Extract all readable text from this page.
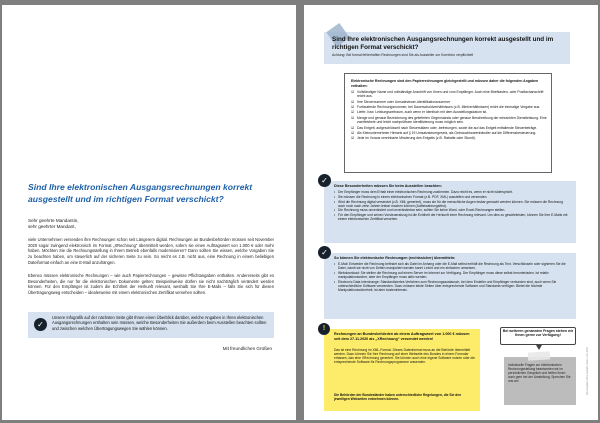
Sind Ihre elektronischen Ausgangsrechnungen korrekt ausgestellt und im richtigen Format verschickt?
Sehr geehrte Mandantin,
sehr geehrter Mandant,

viele Unternehmen versenden ihre Rechnungen schon seit Längerem digital. Rechnungen an Bundesbehörden müssen seit November 2020 sogar zwingend elektronisch im Format „XRechnung“ übermittelt werden, sofern sie einen Auftragswert von 1.000 € oder mehr haben. Möchten Sie die Rechnungsstellung in Ihrem Betrieb ebenfalls modernisieren? Dann sollten Sie wissen, welche Vorgaben Sie zu beachten haben, um steuerlich auf der sicheren Seite zu sein. So reicht es z.B. nicht aus, eine Rechnung in einem beliebigen Dateiformat einfach an eine E-Mail anzuhängen.

Ebenso müssen elektronische Rechnungen – wie auch Papierrechnungen – gewisse Pflichtangaben enthalten. Andererseits gibt es Besonderheiten, die nur für die elektronischen Dokumente gelten: Beispielsweise dürfen sie nicht nachträglich verändert werden können. Für den Empfänger ist zudem die Echtheit der Herkunft relevant, weshalb Sie Ihre E-Mails – falls Sie sich für diesen Übertragungsweg entscheiden – idealerweise mit einem elektronischen Zertifikat versehen sollten.

✓
Unsere Infografik auf der nächsten Seite gibt Ihnen einen Überblick darüber, welche Angaben in Ihren elektronischen Ausgangsrechnungen enthalten sein müssen, welche Besonderheiten Sie außerdem beim Ausstellen beachten sollten und zwischen welchen Übertragungswegen Sie wählen können.
Mit freundlichen Grüßen
Sind Ihre elektronischen Ausgangsrechnungen korrekt ausgestellt und im richtigen Format verschickt?
Achtung: Bei formal fehlerhaften Rechnungen sind Sie als Aussteller zur Korrektur verpflichtet!
Elektronische Rechnungen sind den Papierrechnungen gleichgestellt und müssen daher die folgenden Angaben enthalten:
☑ Vollständiger Name und vollständige Anschrift von Ihnen und vom Empfänger. Auch eine Briefkasten- oder Postfachanschrift reicht aus.
☑ Ihre Steuernummer oder Umsatzsteuer-Identifikationsnummer
☑ Fortlaufende Rechnungsnummer, bei Dauerschuldverhältnissen (z.B. Mietverhältnissen) reicht die einmalige Vergabe aus.
☑ Liefer- bzw. Leistungszeitraum, auch wenn er identisch mit dem Ausstellungsdatum ist.
☑ Menge und genaue Bezeichnung des gelieferten Gegenstands oder genaue Beschreibung der erbrachten Dienstleistung. Eine zweifelsfreie und leicht nachprüfbare Identifizierung muss möglich sein.
☑ Das Entgelt, aufgeschlüsselt nach Steuersätzen oder -befreiungen, sowie die auf das Entgelt entfallende Steuerbeträge.
☑ Als Kleinunternehmer Hinweis auf § 19 Umsatzsteuergesetz, als Gebrauchtwarenhändler auf die Differenzbesteuerung.
☑ Jede im Voraus vereinbarte Minderung des Entgelts (z.B. Rabatte oder Skonti).
✓
Diese Besonderheiten müssen Sie beim Ausstellen beachten:
• Der Empfänger muss dem Erhalt einer elektronischen Rechnung zustimmen. Dazu reicht es, wenn er nicht widerspricht.
• Sie müssen die Rechnung in einem elektronischen Format (z.B. PDF, XML) ausstellen und versenden.
• Wird die Rechnung digital versendet (z.B. XML generiert), muss sie für die menschliche Augen lesbar gemacht werden können. Sie müssen die Rechnung auch noch nach zehn Jahren lesbar machen können (Aufbewahrungsfrist).
• Die Rechnung muss unverändert und unveränderbar sein, sollten Sie keine Word- oder Excel-Rechnungen stellen.
• Für den Empfänger und seinen Vorsteuerabzug ist die Echtheit der Herkunft einer Rechnung relevant. Um dies zu gewährleisten, können Sie Ihre E-Mails mit einem elektronischen Zertifikat versehen.
✓
So können Sie elektronische Rechnungen (rechtssicher) übermitteln:
• E-Mail: Entweder die Rechnung befindet sich als Datei im Anhang oder die E-Mail selbst enthält die Rechnung als Text. Verschlüsseln oder signieren Sie die Datei, damit sie nicht von Dritten manipuliert werden kann! Leicht und ein einfachen umsetzen.
• Webdownload: Sie stellen die Rechnung auf einem Server im Internet zur Verfügung. Der Empfänger muss diese selbst herunterladen. Ist relativ manipulationssicher, aber der Empfänger muss aktiv werden.
• Electronic Data Interchange: Standardisiertes Verfahren zum Rechnungsaustausch, bei dem Ersteller und Empfänger verbunden sind, auch wenn Sie unterschiedliche Software verwenden. Dazu müssen beide Seiten über entsprechende Software und Standards verfügen. Bietet die höchste Manipulationssicherheit, ist aber kostenintensiv.
!
Rechnungen an Bundesbehörden ab einem Auftragswert von 1.000 € müssen seit dem 27.11.2020 als „XRechnung“ versendet werden!
Das ist eine Rechnung im XML-Format. Dieses Datenformat muss an die Behörde übermittelt werden. Dazu können Sie Ihre Rechnung auf einer Webseite des Bundes in einem Formular erfassen, das eine XRechnung generiert. Sie können auch eine eigene Software nutzen oder die entsprechende Software für Rechnungsprogramme anwenden.
Die Behörden der Bundesländer haben unterschiedliche Regelungen, die Sie den jeweiligen Webseiten entnehmen können.
Bei weiteren genannten Fragen stehen wir Ihnen gerne zur Verfügung!
Individuelle Fragen zur elektronischen Rechnungsstellung beantworten wir im persönlichen Gespräch und helfen Ihnen auch gern bei der Umstellung. Sprechen Sie uns an!	Alle Angaben ohne Gewähr. Stand: Juni 2021
